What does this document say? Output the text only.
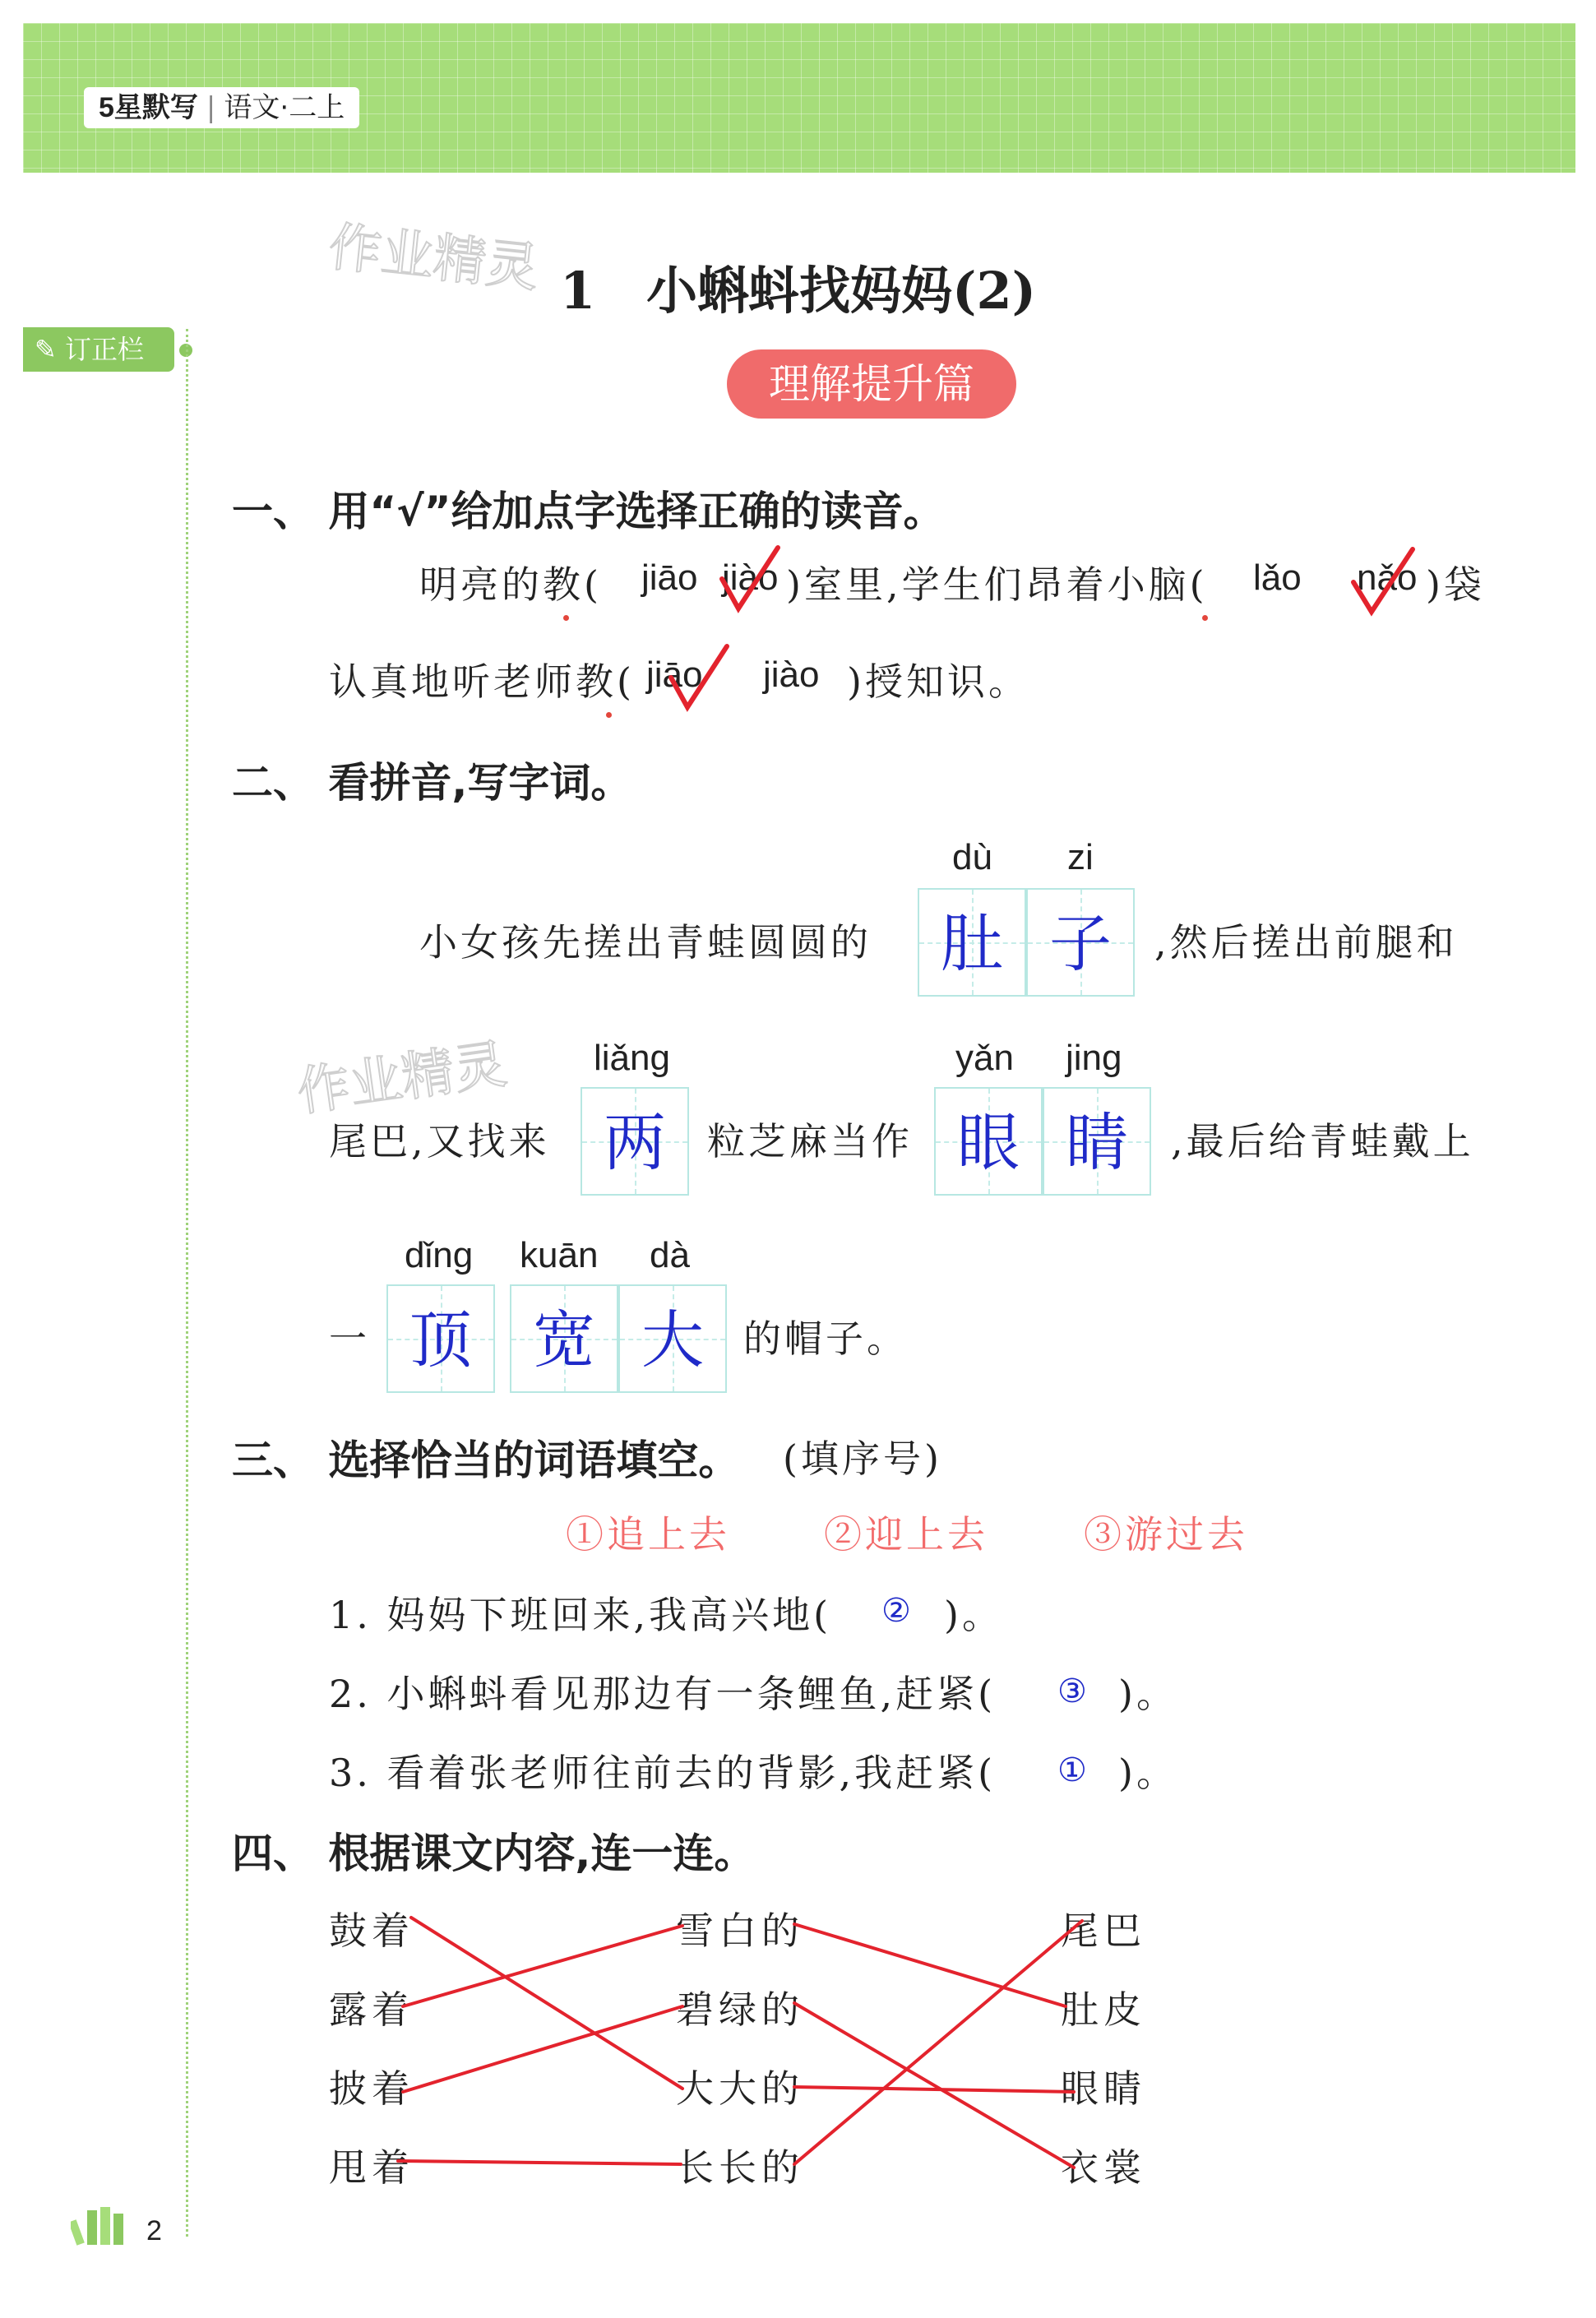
5星默写 | 语文·二上
✎ 订正栏
作业精灵
作业精灵
1　小蝌蚪找妈妈(2)
理解提升篇
一、 用“√”给加点字选择正确的读音。
明亮的教( jiāo jiào )室里,学生们昂着小脑( lǎo nǎo )袋
认真地听老师教( jiāo jiào )授知识。
二、 看拼音,写字词。
dù zi
小女孩先搓出青蛙圆圆的	肚 子	,然后搓出前腿和
liǎng	yǎn jing
尾巴,又找来 两	粒芝麻当作 眼 睛	,最后给青蛙戴上
dǐng kuān dà
一 顶 宽 大	的帽子。
三、 选择恰当的词语填空。 (填序号)
①追上去 ②迎上去	③游过去
1. 妈妈下班回来,我高兴地( ② )。
2. 小蝌蚪看见那边有一条鲤鱼,赶紧( ③ )。
3. 看着张老师往前去的背影,我赶紧( ① )。
四、 根据课文内容,连一连。
鼓着
露着
披着
甩着
雪白的
碧绿的
大大的
长长的
尾巴
肚皮
眼睛
衣裳
2
